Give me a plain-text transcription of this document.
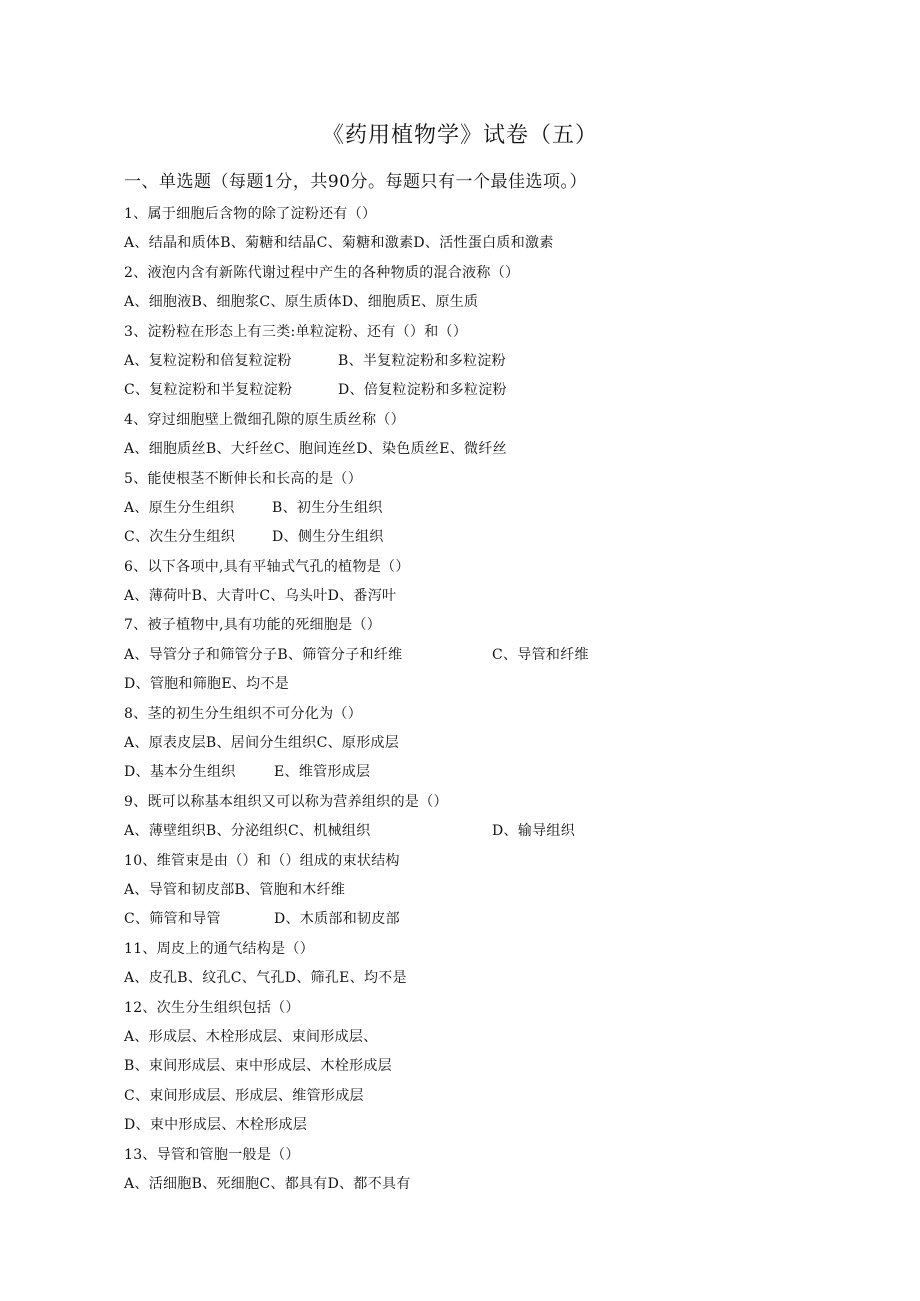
《药用植物学》试卷（五）
一、单选题（每题1分，共90分。每题只有一个最佳选项。）
1、属于细胞后含物的除了淀粉还有（）
A、结晶和质体B、菊糖和结晶C、菊糖和激素D、活性蛋白质和激素
2、液泡内含有新陈代谢过程中产生的各种物质的混合液称（）
A、细胞液B、细胞浆C、原生质体D、细胞质E、原生质
3、淀粉粒在形态上有三类:单粒淀粉、还有（）和（）
A、复粒淀粉和倍复粒淀粉	B、半复粒淀粉和多粒淀粉
C、复粒淀粉和半复粒淀粉	D、倍复粒淀粉和多粒淀粉
4、穿过细胞壁上微细孔隙的原生质丝称（）
A、细胞质丝B、大纤丝C、胞间连丝D、染色质丝E、微纤丝
5、能使根茎不断伸长和长高的是（）
A、原生分生组织	B、初生分生组织
C、次生分生组织	D、侧生分生组织
6、以下各项中,具有平轴式气孔的植物是（）
A、薄荷叶B、大青叶C、乌头叶D、番泻叶
7、被子植物中,具有功能的死细胞是（）
A、导管分子和筛管分子B、筛管分子和纤维	C、导管和纤维
D、管胞和筛胞E、均不是
8、茎的初生分生组织不可分化为（）
A、原表皮层B、居间分生组织C、原形成层
D、基本分生组织	E、维管形成层
9、既可以称基本组织又可以称为营养组织的是（）
A、薄壁组织B、分泌组织C、机械组织	D、输导组织
10、维管束是由（）和（）组成的束状结构
A、导管和韧皮部B、管胞和木纤维
C、筛管和导管	D、木质部和韧皮部
11、周皮上的通气结构是（）
A、皮孔B、纹孔C、气孔D、筛孔E、均不是
12、次生分生组织包括（）
A、形成层、木栓形成层、束间形成层、
B、束间形成层、束中形成层、木栓形成层
C、束间形成层、形成层、维管形成层
D、束中形成层、木栓形成层
13、导管和管胞一般是（）
A、活细胞B、死细胞C、都具有D、都不具有
